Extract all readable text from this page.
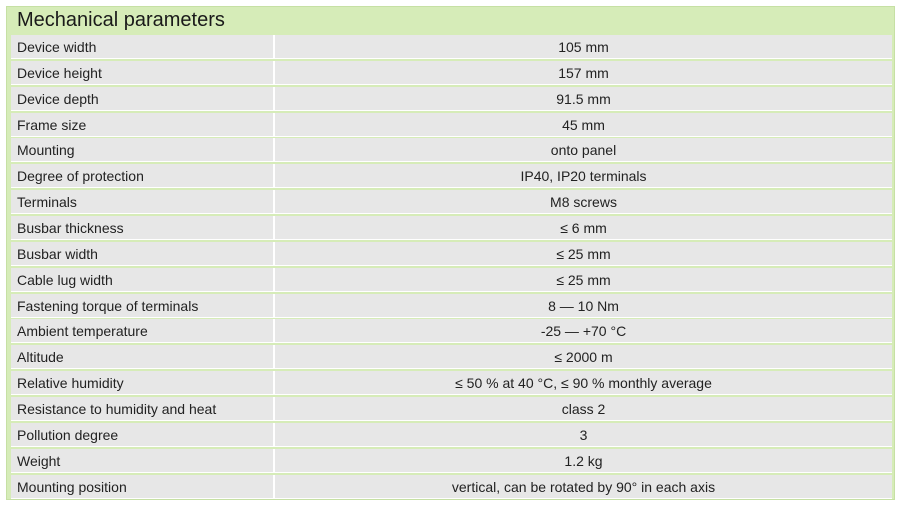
Mechanical parameters
Device width	105 mm
Device height	157 mm
Device depth	91.5 mm
Frame size	45 mm
Mounting	onto panel
Degree of protection	IP40, IP20 terminals
Terminals	M8 screws
Busbar thickness	≤ 6 mm
Busbar width	≤ 25 mm
Cable lug width	≤ 25 mm
Fastening torque of terminals	8 — 10 Nm
Ambient temperature	-25 — +70 °C
Altitude	≤ 2000 m
Relative humidity	≤ 50 % at 40 °C, ≤ 90 % monthly average
Resistance to humidity and heat	class 2
Pollution degree	3
Weight	1.2 kg
Mounting position	vertical, can be rotated by 90° in each axis
